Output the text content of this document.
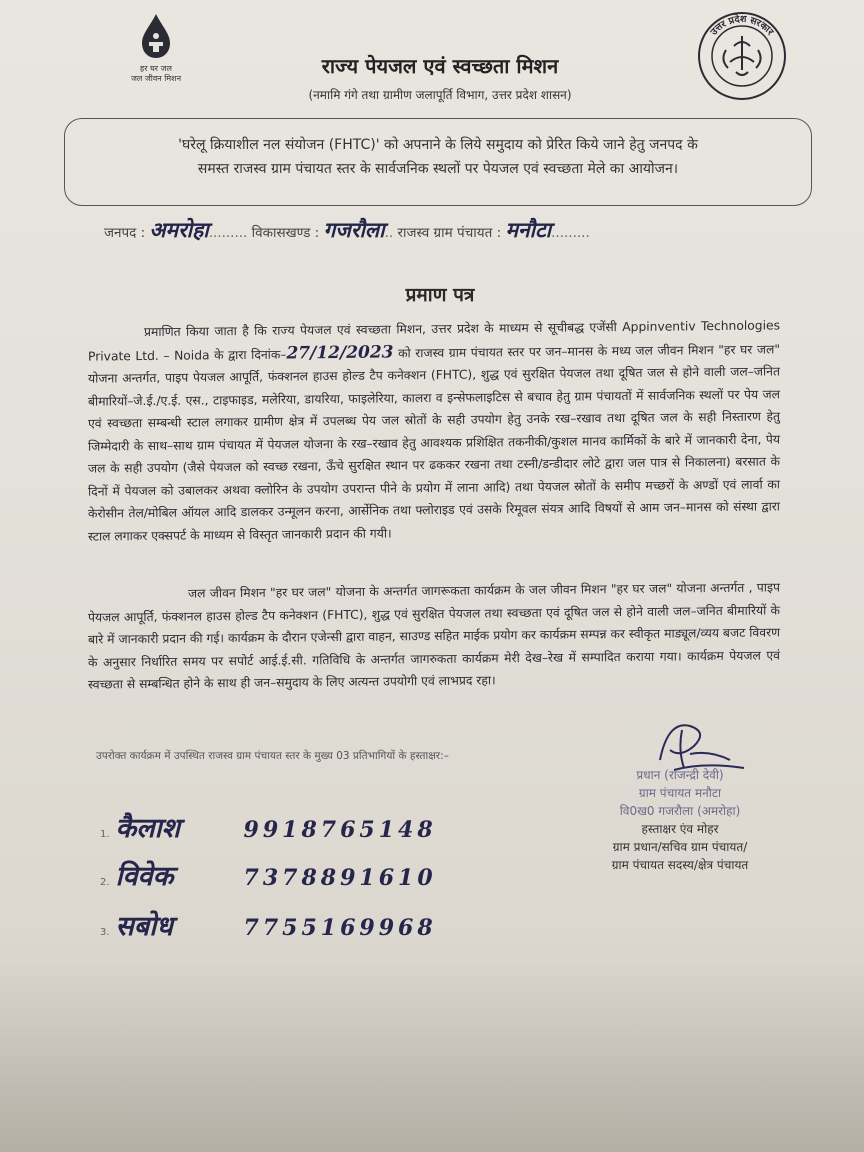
हर घर जल
जल जीवन मिशन
उत्तर प्रदेश सरकार
राज्य पेयजल एवं स्वच्छता मिशन
(नमामि गंगे तथा ग्रामीण जलापूर्ति विभाग, उत्तर प्रदेश शासन)
'घरेलू क्रियाशील नल संयोजन (FHTC)' को अपनाने के लिये समुदाय को प्रेरित किये जाने हेतु जनपद के
समस्त राजस्व ग्राम पंचायत स्तर के सार्वजनिक स्थलों पर पेयजल एवं स्वच्छता मेले का आयोजन।
जनपद : अमरोहा......... विकासखण्ड : गजरौला.. राजस्व ग्राम पंचायत : मनौटा.........
प्रमाण पत्र
प्रमाणित किया जाता है कि राज्य पेयजल एवं स्वच्छता मिशन, उत्तर प्रदेश के माध्यम से सूचीबद्ध एजेंसी Appinventiv Technologies Private Ltd. – Noida के द्वारा दिनांक–27/12/2023 को राजस्व ग्राम पंचायत स्तर पर जन–मानस के मध्य जल जीवन मिशन "हर घर जल" योजना अन्तर्गत, पाइप पेयजल आपूर्ति, फंक्शनल हाउस होल्ड टैप कनेक्शन (FHTC), शुद्ध एवं सुरक्षित पेयजल तथा दूषित जल से होने वाली जल–जनित बीमारियों–जे.ई./ए.ई. एस., टाइफाइड, मलेरिया, डायरिया, फाइलेरिया, कालरा व इन्सेफलाइटिस से बचाव हेतु ग्राम पंचायतों में सार्वजनिक स्थलों पर पेय जल एवं स्वच्छता सम्बन्धी स्टाल लगाकर ग्रामीण क्षेत्र में उपलब्ध पेय जल स्रोतों के सही उपयोग हेतु उनके रख–रखाव तथा दूषित जल के सही निस्तारण हेतु जिम्मेदारी के साथ–साथ ग्राम पंचायत में पेयजल योजना के रख–रखाव हेतु आवश्यक प्रशिक्षित तकनीकी/कुशल मानव कार्मिकों के बारे में जानकारी देना, पेय जल के सही उपयोग (जैसे पेयजल को स्वच्छ रखना, ऊँचे सुरक्षित स्थान पर ढककर रखना तथा टस्नी/डन्डीदार लोटे द्वारा जल पात्र से निकालना) बरसात के दिनों में पेयजल को उबालकर अथवा क्लोरिन के उपयोग उपरान्त पीने के प्रयोग में लाना आदि) तथा पेयजल स्रोतों के समीप मच्छरों के अण्डों एवं लार्वा का केरोसीन तेल/मोबिल ऑयल आदि डालकर उन्मूलन करना, आर्सेनिक तथा फ्लोराइड एवं उसके रिमूवल संयत्र आदि विषयों से आम जन–मानस को संस्था द्वारा स्टाल लगाकर एक्सपर्ट के माध्यम से विस्तृत जानकारी प्रदान की गयी।
जल जीवन मिशन "हर घर जल" योजना के अन्तर्गत जागरूकता कार्यक्रम के जल जीवन मिशन "हर घर जल" योजना अन्तर्गत , पाइप पेयजल आपूर्ति, फंक्शनल हाउस होल्ड टैप कनेक्शन (FHTC), शुद्ध एवं सुरक्षित पेयजल तथा स्वच्छता एवं दूषित जल से होने वाली जल–जनित बीमारियों के बारे में जानकारी प्रदान की गई। कार्यक्रम के दौरान एजेन्सी द्वारा वाहन, साउण्ड सहित माईक प्रयोग कर कार्यक्रम सम्पन्न कर स्वीकृत माड्यूल/व्यय बजट विवरण के अनुसार निर्धारित समय पर सपोर्ट आई.ई.सी. गतिविधि के अन्तर्गत जागरुकता कार्यक्रम मेरी देख–रेख में सम्पादित कराया गया। कार्यक्रम पेयजल एवं स्वच्छता से सम्बन्धित होने के साथ ही जन–समुदाय के लिए अत्यन्त उपयोगी एवं लाभप्रद रहा।
उपरोक्त कार्यक्रम में उपस्थित राजस्व ग्राम पंचायत स्तर के मुख्य 03 प्रतिभागियों के हस्ताक्षर:–
1. कैलाश	9918765148
2. विवेक	7378891610
3. सबोध	7755169968
प्रधान (राजन्द्री देवी)
ग्राम पंचायत मनौटा
वि0ख0 गजरौला (अमरोहा)
हस्ताक्षर एंव मोहर
ग्राम प्रधान/सचिव ग्राम पंचायत/
ग्राम पंचायत सदस्य/क्षेत्र पंचायत
